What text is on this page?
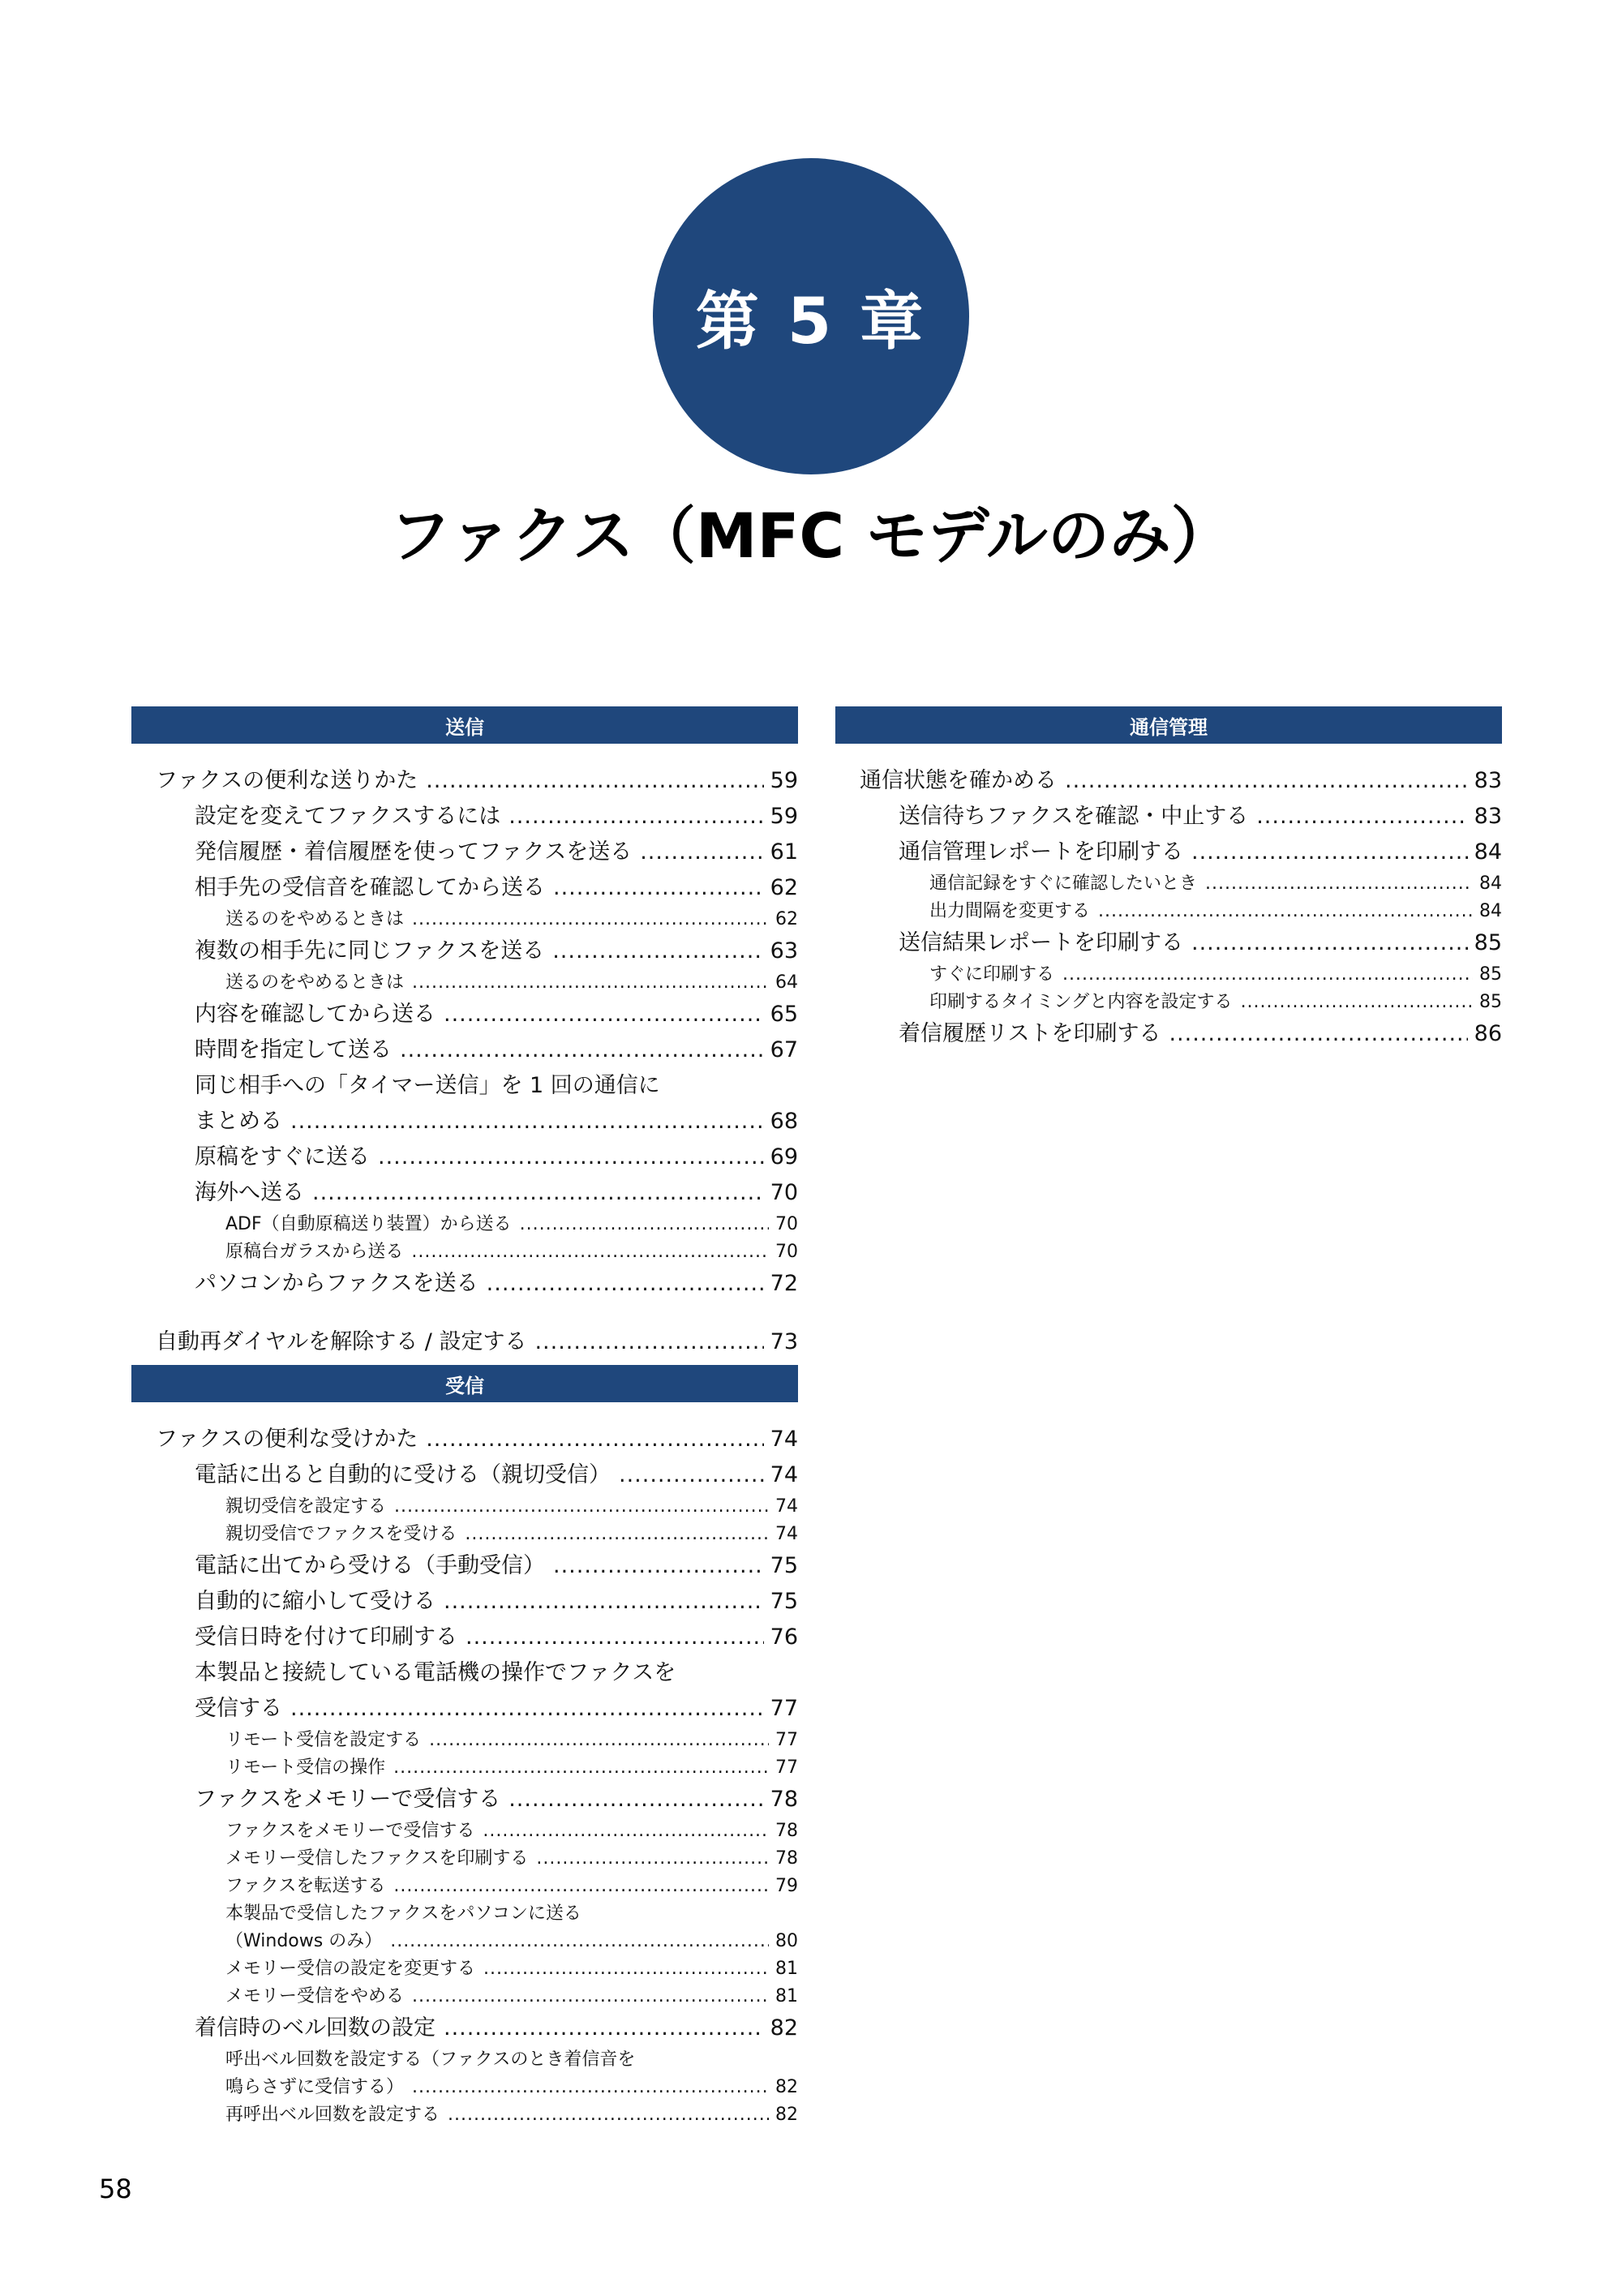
第 5 章
ファクス（MFC モデルのみ）
送信
ファクスの便利な送りかた .....	59
設定を変えてファクスするには .....	59
発信履歴・着信履歴を使ってファクスを送る .....	61
相手先の受信音を確認してから送る .....	62
送るのをやめるときは .....	62
複数の相手先に同じファクスを送る .....	63
送るのをやめるときは .....	64
内容を確認してから送る .....	65
時間を指定して送る .....	67
同じ相手への「タイマー送信」を 1 回の通信に
まとめる .....	68
原稿をすぐに送る .....	69
海外へ送る .....	70
ADF（自動原稿送り装置）から送る .....	70
原稿台ガラスから送る .....	70
パソコンからファクスを送る .....	72
自動再ダイヤルを解除する / 設定する .....	73
受信
ファクスの便利な受けかた .....	74
電話に出ると自動的に受ける（親切受信） .....	74
親切受信を設定する .....	74
親切受信でファクスを受ける .....	74
電話に出てから受ける（手動受信） .....	75
自動的に縮小して受ける .....	75
受信日時を付けて印刷する .....	76
本製品と接続している電話機の操作でファクスを
受信する .....	77
リモート受信を設定する .....	77
リモート受信の操作 .....	77
ファクスをメモリーで受信する .....	78
ファクスをメモリーで受信する .....	78
メモリー受信したファクスを印刷する .....	78
ファクスを転送する .....	79
本製品で受信したファクスをパソコンに送る
（Windows のみ） .....	80
メモリー受信の設定を変更する .....	81
メモリー受信をやめる .....	81
着信時のベル回数の設定 .....	82
呼出ベル回数を設定する（ファクスのとき着信音を
鳴らさずに受信する） .....	82
再呼出ベル回数を設定する .....	82
通信管理
通信状態を確かめる .....	83
送信待ちファクスを確認・中止する .....	83
通信管理レポートを印刷する .....	84
通信記録をすぐに確認したいとき .....	84
出力間隔を変更する .....	84
送信結果レポートを印刷する .....	85
すぐに印刷する .....	85
印刷するタイミングと内容を設定する .....	85
着信履歴リストを印刷する .....	86
58
